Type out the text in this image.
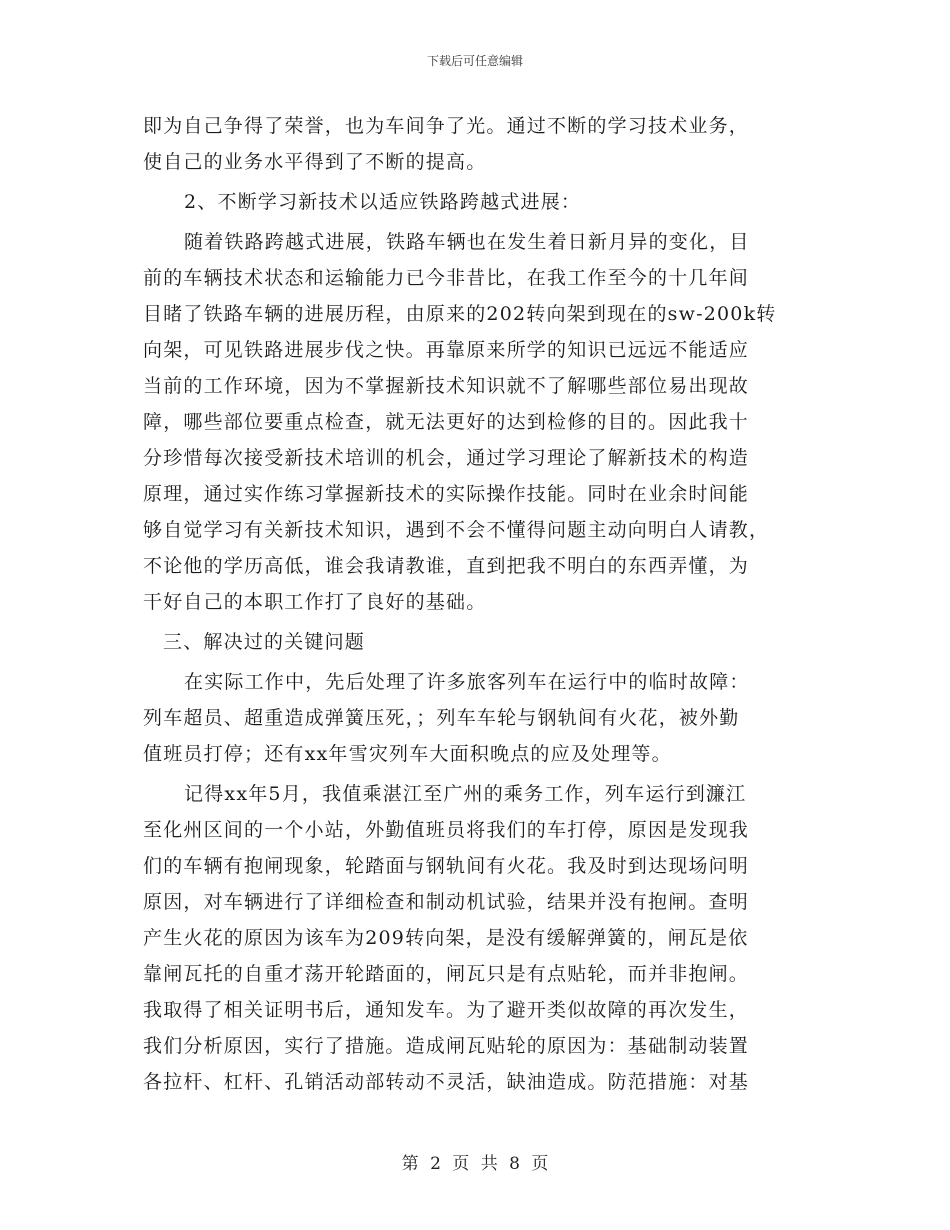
下载后可任意编辑
即为自己争得了荣誉，也为车间争了光。通过不断的学习技术业务，
使自己的业务水平得到了不断的提高。
2、不断学习新技术以适应铁路跨越式进展：
随着铁路跨越式进展，铁路车辆也在发生着日新月异的变化，目
前的车辆技术状态和运输能力已今非昔比，在我工作至今的十几年间
目睹了铁路车辆的进展历程，由原来的202转向架到现在的sw-200k转
向架，可见铁路进展步伐之快。再靠原来所学的知识已远远不能适应
当前的工作环境，因为不掌握新技术知识就不了解哪些部位易出现故
障，哪些部位要重点检查，就无法更好的达到检修的目的。因此我十
分珍惜每次接受新技术培训的机会，通过学习理论了解新技术的构造
原理，通过实作练习掌握新技术的实际操作技能。同时在业余时间能
够自觉学习有关新技术知识，遇到不会不懂得问题主动向明白人请教，
不论他的学历高低，谁会我请教谁，直到把我不明白的东西弄懂，为
干好自己的本职工作打了良好的基础。
三、解决过的关键问题
在实际工作中，先后处理了许多旅客列车在运行中的临时故障：
列车超员、超重造成弹簧压死，；列车车轮与钢轨间有火花，被外勤
值班员打停；还有xx年雪灾列车大面积晚点的应及处理等。
记得xx年5月，我值乘湛江至广州的乘务工作，列车运行到濂江
至化州区间的一个小站，外勤值班员将我们的车打停，原因是发现我
们的车辆有抱闸现象，轮踏面与钢轨间有火花。我及时到达现场问明
原因，对车辆进行了详细检查和制动机试验，结果并没有抱闸。查明
产生火花的原因为该车为209转向架，是没有缓解弹簧的，闸瓦是依
靠闸瓦托的自重才荡开轮踏面的，闸瓦只是有点贴轮，而并非抱闸。
我取得了相关证明书后，通知发车。为了避开类似故障的再次发生，
我们分析原因，实行了措施。造成闸瓦贴轮的原因为：基础制动装置
各拉杆、杠杆、孔销活动部转动不灵活，缺油造成。防范措施：对基
第 2 页 共 8 页
